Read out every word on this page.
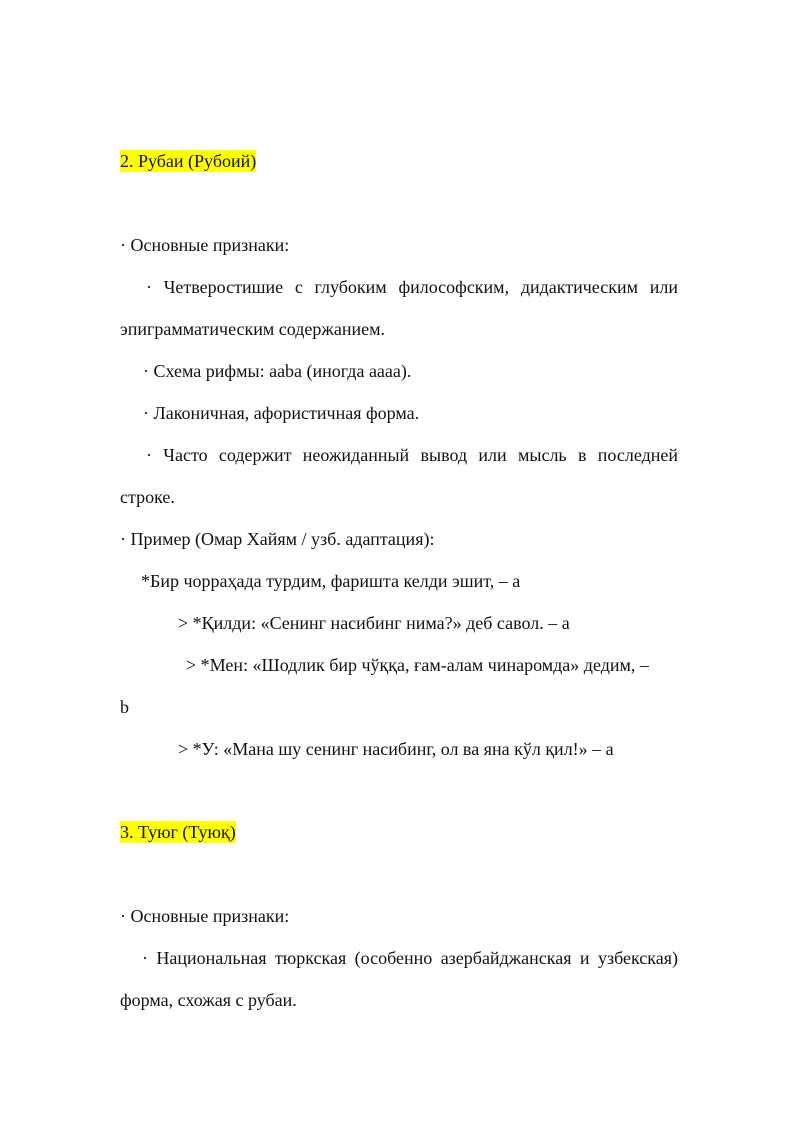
2. Рубаи (Рубоий)
· Основные признаки:
· Четверостишие с глубоким философским, дидактическим или
эпиграмматическим содержанием.
· Схема рифмы: aaba (иногда aaaa).
· Лаконичная, афористичная форма.
· Часто содержит неожиданный вывод или мысль в последней
строке.
· Пример (Омар Хайям / узб. адаптация):
*Бир чорраҳада турдим, фаришта келди эшит, – a
> *Қилди: «Сенинг насибинг нима?» деб савол. – a
> *Мен: «Шодлик бир чўққа, ғам-алам чинаромда» дедим, –
b
> *У: «Мана шу сенинг насибинг, ол ва яна кўл қил!» – a
3. Туюг (Туюқ)
· Основные признаки:
· Национальная тюркская (особенно азербайджанская и узбекская)
форма, схожая с рубаи.
